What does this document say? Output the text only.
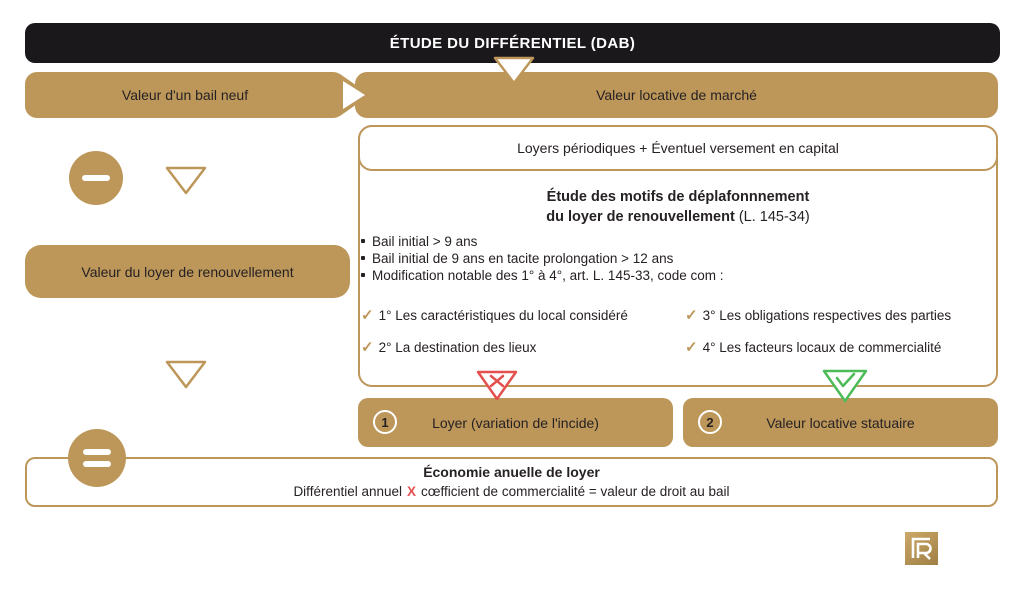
ÉTUDE DU DIFFÉRENTIEL (DAB)
Valeur d'un bail neuf	Valeur locative de marché
Loyers périodiques + Éventuel versement en capital
Étude des motifs de déplafonnnement
du loyer de renouvellement (L. 145-34)
Bail initial > 9 ans
Bail initial de 9 ans en tacite prolongation > 12 ans
Modification notable des 1° à 4°, art. L. 145-33, code com :
✓ 1° Les caractéristiques du local considéré	✓ 3° Les obligations respectives des parties
✓ 2° La destination des lieux	✓ 4° Les facteurs locaux de commercialité
1	Loyer (variation de l'incide)	2	Valeur locative statuaire
Valeur du loyer de renouvellement
Économie anuelle de loyer
Différentiel annuel X cœfficient de commercialité = valeur de droit au bail
